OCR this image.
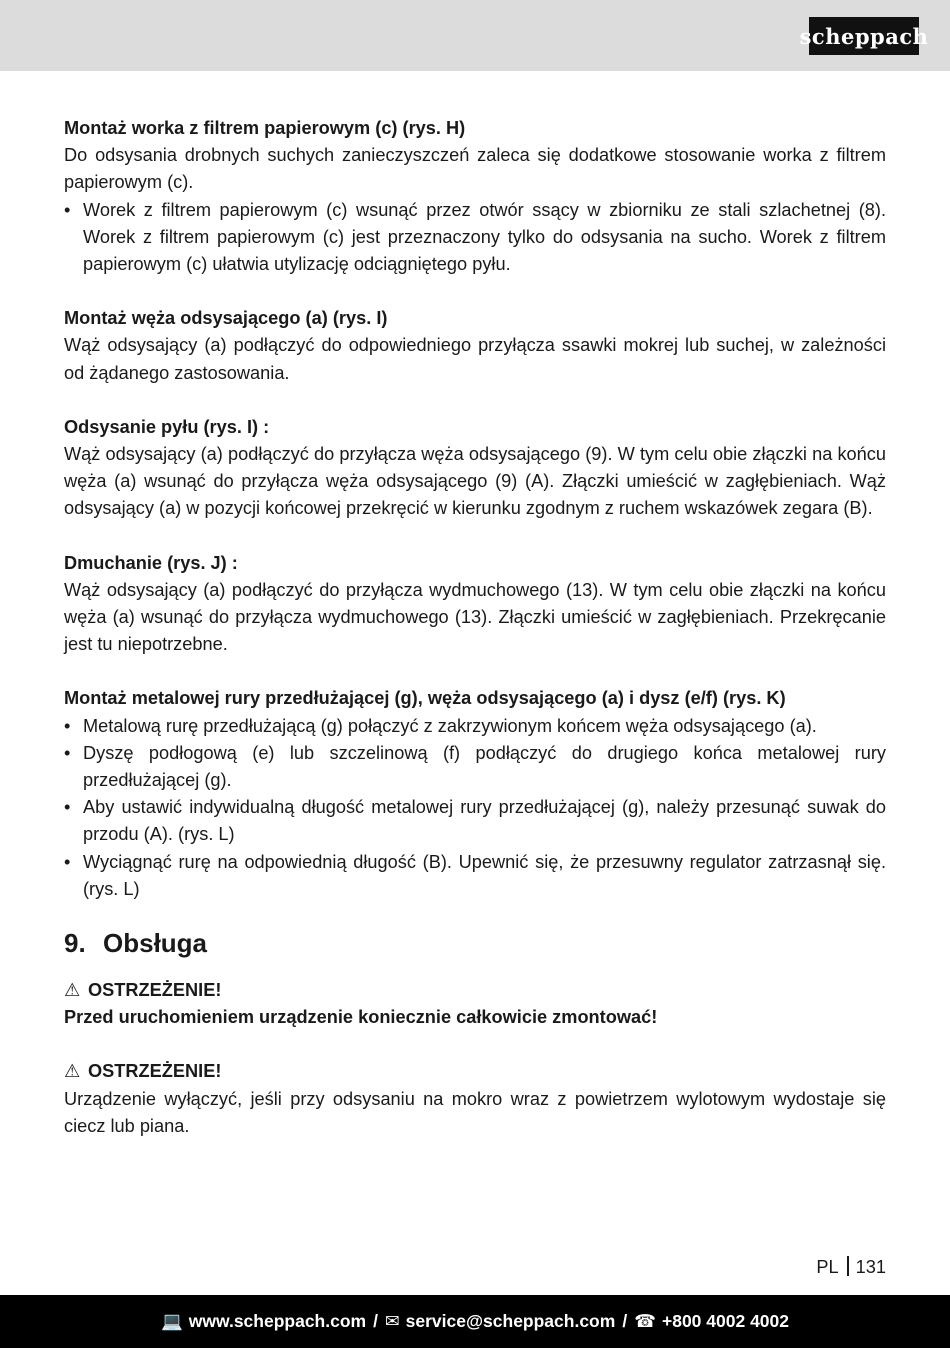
scheppach

Montaż worka z filtrem papierowym (c) (rys. H)

Do odsysania drobnych suchych zanieczyszczeń zaleca się dodatkowe stosowanie worka z filtrem papierowym (c).

• Worek z filtrem papierowym (c) wsunąć przez otwór ssący w zbiorniku ze stali szlachetnej (8). Worek z filtrem papierowym (c) jest przeznaczony tylko do odsysania na sucho. Worek z filtrem papierowym (c) ułatwia utylizację odciągniętego pyłu.

Montaż węża odsysającego (a) (rys. I)

Wąż odsysający (a) podłączyć do odpowiedniego przyłącza ssawki mokrej lub suchej, w zależności od żądanego zastosowania.

Odsysanie pyłu (rys. I) :

Wąż odsysający (a) podłączyć do przyłącza węża odsysającego (9). W tym celu obie złączki na końcu węża (a) wsunąć do przyłącza węża odsysającego (9) (A). Złączki umieścić w zagłębieniach. Wąż odsysający (a) w pozycji końcowej przekręcić w kierunku zgodnym z ruchem wskazówek zegara (B).

Dmuchanie (rys. J) :

Wąż odsysający (a) podłączyć do przyłącza wydmuchowego (13). W tym celu obie złączki na końcu węża (a) wsunąć do przyłącza wydmuchowego (13). Złączki umieścić w zagłębieniach. Przekręcanie jest tu niepotrzebne.

Montaż metalowej rury przedłużającej (g), węża odsysającego (a) i dysz (e/f) (rys. K)

• Metalową rurę przedłużającą (g) połączyć z zakrzywionym końcem węża odsysającego (a).
• Dyszę podłogową (e) lub szczelinową (f) podłączyć do drugiego końca metalowej rury przedłużającej (g).
• Aby ustawić indywidualną długość metalowej rury przedłużającej (g), należy przesunąć suwak do przodu (A). (rys. L)
• Wyciągnąć rurę na odpowiednią długość (B). Upewnić się, że przesuwny regulator zatrzasnął się. (rys. L)
9. Obsługa

⚠ OSTRZEŻENIE!

Przed uruchomieniem urządzenie koniecznie całkowicie zmontować!

⚠ OSTRZEŻENIE!

Urządzenie wyłączyć, jeśli przy odsysaniu na mokro wraz z powietrzem wylotowym wydostaje się ciecz lub piana.

PL 131
💻 www.scheppach.com / ✉ service@scheppach.com / ☎ +800 4002 4002
